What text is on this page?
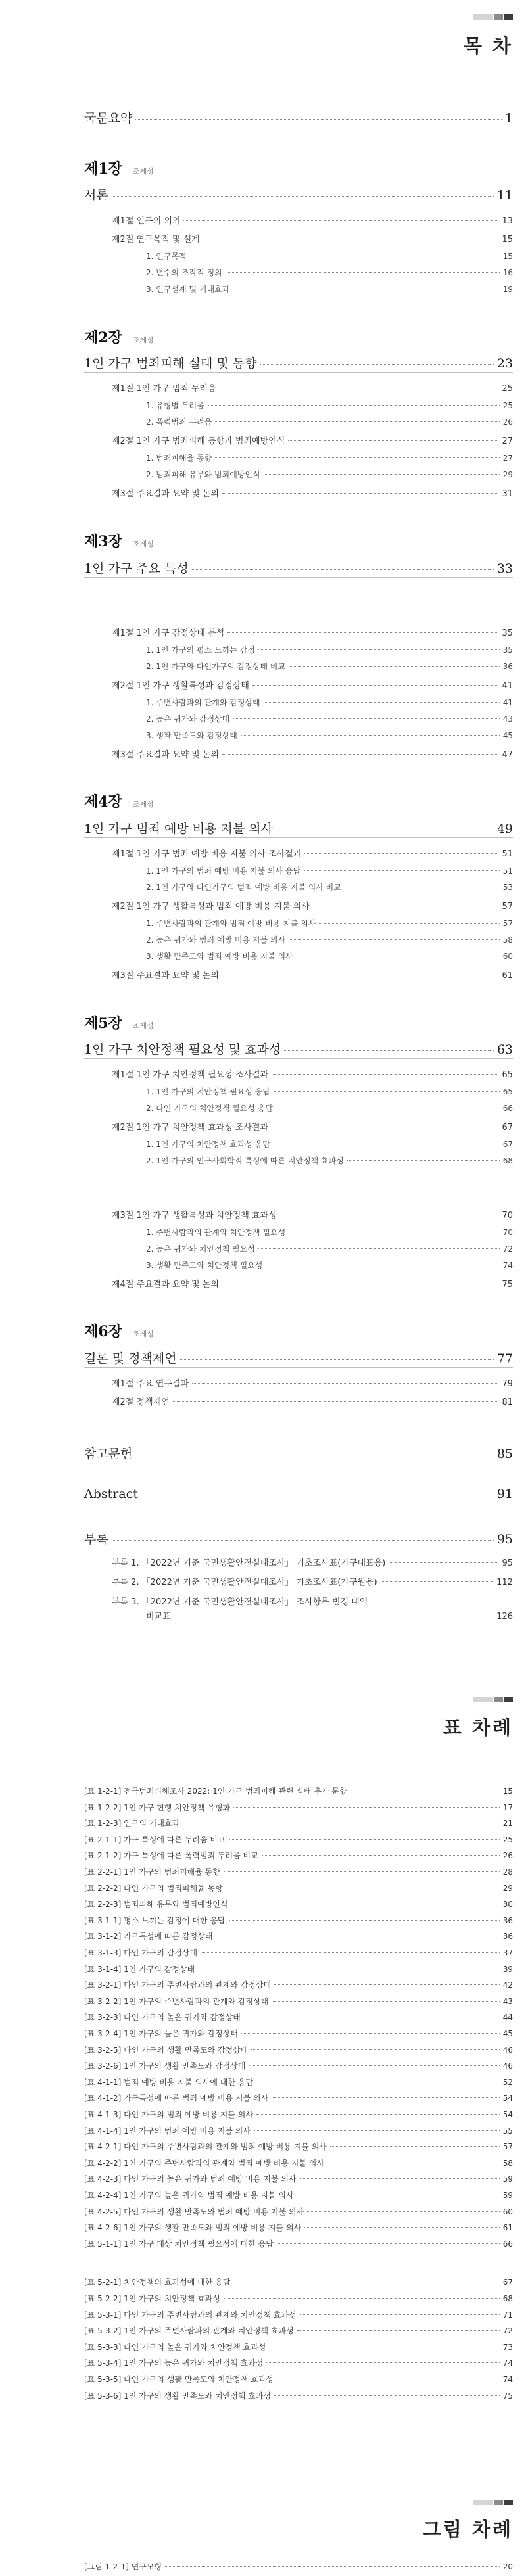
목 차
국문요약	1
제1장 조제성
서론	11
제1절 연구의 의의	13
제2절 연구목적 및 설계	15
1. 연구목적	15
2. 변수의 조작적 정의	16
3. 연구설계 및 기대효과	19
제2장 조제성
1인 가구 범죄피해 실태 및 동향	23
제1절 1인 가구 범죄 두려움	25
1. 유형별 두려움	25
2. 폭력범죄 두려움	26
제2절 1인 가구 범죄피해 동향과 범죄예방인식	27
1. 범죄피해율 동향	27
2. 범죄피해 유무와 범죄예방인식	29
제3절 주요결과 요약 및 논의	31
제3장 조제성
1인 가구 주요 특성	33
제1절 1인 가구 감정상태 분석	35
1. 1인 가구의 평소 느끼는 감정	35
2. 1인 가구와 다인가구의 감정상태 비교	36
제2절 1인 가구 생활특성과 감정상태	41
1. 주변사람과의 관계와 감정상태	41
2. 높은 귀가와 감정상태	43
3. 생활 만족도와 감정상태	45
제3절 주요결과 요약 및 논의	47
제4장 조제성
1인 가구 범죄 예방 비용 지불 의사	49
제1절 1인 가구 범죄 예방 비용 지불 의사 조사결과	51
1. 1인 가구의 범죄 예방 비용 지불 의사 응답	51
2. 1인 가구와 다인가구의 범죄 예방 비용 지불 의사 비교	53
제2절 1인 가구 생활특성과 범죄 예방 비용 지불 의사	57
1. 주변사람과의 관계와 범죄 예방 비용 지불 의사	57
2. 높은 귀가와 범죄 예방 비용 지불 의사	58
3. 생활 만족도와 범죄 예방 비용 지불 의사	60
제3절 주요결과 요약 및 논의	61
제5장 조제성
1인 가구 치안정책 필요성 및 효과성	63
제1절 1인 가구 치안정책 필요성 조사결과	65
1. 1인 가구의 치안정책 필요성 응답	65
2. 다인 가구의 치안정책 필요성 응답	66
제2절 1인 가구 치안정책 효과성 조사결과	67
1. 1인 가구의 치안정책 효과성 응답	67
2. 1인 가구의 인구사회학적 특성에 따른 치안정책 효과성	68
제3절 1인 가구 생활특성과 치안정책 효과성	70
1. 주변사람과의 관계와 치안정책 필요성	70
2. 높은 귀가와 치안정책 필요성	72
3. 생활 만족도와 치안정책 필요성	74
제4절 주요결과 요약 및 논의	75
제6장 조제성
결론 및 정책제언	77
제1절 주요 연구결과	79
제2절 정책제언	81
참고문헌	85
Abstract	91
부록	95
부록 1. 「2022년 기준 국민생활안전실태조사」 기초조사표(가구대표용)	95
부록 2. 「2022년 기준 국민생활안전실태조사」 기초조사표(가구원용)	112
부록 3. 「2022년 기준 국민생활안전실태조사」 조사항목 변경 내역
비교표	126
표 차례
[표 1-2-1] 전국범죄피해조사 2022: 1인 가구 범죄피해 관련 실태 추가 문항	15
[표 1-2-2] 1인 가구 현행 치안정책 유형화	17
[표 1-2-3] 연구의 기대효과	21
[표 2-1-1] 가구 특성에 따른 두려움 비교	25
[표 2-1-2] 가구 특성에 따른 폭력범죄 두려움 비교	26
[표 2-2-1] 1인 가구의 범죄피해율 동향	28
[표 2-2-2] 다인 가구의 범죄피해율 동향	29
[표 2-2-3] 범죄피해 유무와 범죄예방인식	30
[표 3-1-1] 평소 느끼는 감정에 대한 응답	36
[표 3-1-2] 가구특성에 따른 감정상태	36
[표 3-1-3] 다인 가구의 감정상태	37
[표 3-1-4] 1인 가구의 감정상태	39
[표 3-2-1] 다인 가구의 주변사람과의 관계와 감정상태	42
[표 3-2-2] 1인 가구의 주변사람과의 관계와 감정상태	43
[표 3-2-3] 다인 가구의 높은 귀가와 감정상태	44
[표 3-2-4] 1인 가구의 높은 귀가와 감정상태	45
[표 3-2-5] 다인 가구의 생활 만족도와 감정상태	46
[표 3-2-6] 1인 가구의 생활 만족도와 감정상태	46
[표 4-1-1] 범죄 예방 비용 지불 의사에 대한 응답	52
[표 4-1-2] 가구특성에 따른 범죄 예방 비용 지불 의사	54
[표 4-1-3] 다인 가구의 범죄 예방 비용 지불 의사	54
[표 4-1-4] 1인 가구의 범죄 예방 비용 지불 의사	55
[표 4-2-1] 다인 가구의 주변사람과의 관계와 범죄 예방 비용 지불 의사	57
[표 4-2-2] 1인 가구의 주변사람과의 관계와 범죄 예방 비용 지불 의사	58
[표 4-2-3] 다인 가구의 높은 귀가와 범죄 예방 비용 지불 의사	59
[표 4-2-4] 1인 가구의 높은 귀가와 범죄 예방 비용 지불 의사	59
[표 4-2-5] 다인 가구의 생활 만족도와 범죄 예방 비용 지불 의사	60
[표 4-2-6] 1인 가구의 생활 만족도와 범죄 예방 비용 지불 의사	61
[표 5-1-1] 1인 가구 대상 치안정책 필요성에 대한 응답	66
[표 5-2-1] 치안정책의 효과성에 대한 응답	67
[표 5-2-2] 1인 가구의 치안정책 효과성	68
[표 5-3-1] 다인 가구의 주변사람과의 관계와 치안정책 효과성	71
[표 5-3-2] 1인 가구의 주변사람과의 관계와 치안정책 효과성	72
[표 5-3-3] 다인 가구의 높은 귀가와 치안정책 효과성	73
[표 5-3-4] 1인 가구의 높은 귀가와 치안정책 효과성	74
[표 5-3-5] 다인 가구의 생활 만족도와 치안정책 효과성	74
[표 5-3-6] 1인 가구의 생활 만족도와 치안정책 효과성	75
그림 차례
[그림 1-2-1] 연구모형	20
